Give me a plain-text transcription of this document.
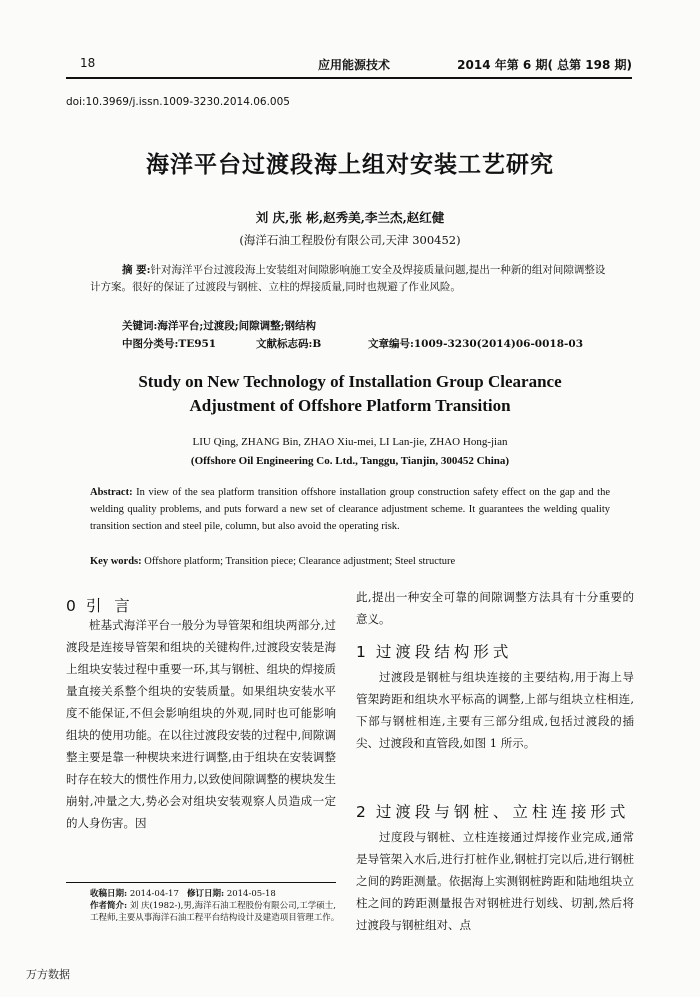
18	应用能源技术	2014 年第 6 期( 总第 198 期)
doi:10.3969/j.issn.1009-3230.2014.06.005
海洋平台过渡段海上组对安装工艺研究
刘 庆,张 彬,赵秀美,李兰杰,赵红健
(海洋石油工程股份有限公司,天津 300452)
摘 要:针对海洋平台过渡段海上安装组对间隙影响施工安全及焊接质量问题,提出一种新的组对间隙调整设计方案。很好的保证了过渡段与钢桩、立柱的焊接质量,同时也规避了作业风险。
关键词:海洋平台;过渡段;间隙调整;钢结构
中图分类号:TE951	文献标志码:B	文章编号:1009-3230(2014)06-0018-03
Study on New Technology of Installation Group Clearance
Adjustment of Offshore Platform Transition
LIU Qing, ZHANG Bin, ZHAO Xiu-mei, LI Lan-jie, ZHAO Hong-jian
(Offshore Oil Engineering Co. Ltd., Tanggu, Tianjin, 300452 China)
Abstract: In view of the sea platform transition offshore installation group construction safety effect on the gap and the welding quality problems, and puts forward a new set of clearance adjustment scheme. It guarantees the welding quality transition section and steel pile, column, but also avoid the operating risk.
Key words: Offshore platform; Transition piece; Clearance adjustment; Steel structure
0 引 言

桩基式海洋平台一般分为导管架和组块两部分,过渡段是连接导管架和组块的关键构件,过渡段安装是海上组块安装过程中重要一环,其与钢桩、组块的焊接质量直接关系整个组块的安装质量。如果组块安装水平度不能保证,不但会影响组块的外观,同时也可能影响组块的使用功能。在以往过渡段安装的过程中,间隙调整主要是靠一种楔块来进行调整,由于组块在安装调整时存在较大的惯性作用力,以致使间隙调整的楔块发生崩射,冲量之大,势必会对组块安装观察人员造成一定的人身伤害。因

此,提出一种安全可靠的间隙调整方法具有十分重要的意义。

1 过渡段结构形式

过渡段是钢桩与组块连接的主要结构,用于海上导管架跨距和组块水平标高的调整,上部与组块立柱相连,下部与钢桩相连,主要有三部分组成,包括过渡段的插尖、过渡段和直管段,如图 1 所示。

2 过渡段与钢桩、立柱连接形式

过度段与钢桩、立柱连接通过焊接作业完成,通常是导管架入水后,进行打桩作业,钢桩打完以后,进行钢桩之间的跨距测量。依据海上实测钢桩跨距和陆地组块立柱之间的跨距测量报告对钢桩进行划线、切割,然后将过渡段与钢桩组对、点

收稿日期: 2014-04-17 修订日期: 2014-05-18
作者简介: 刘 庆(1982-),男,海洋石油工程股份有限公司,工学硕士,工程师,主要从事海洋石油工程平台结构设计及建造项目管理工作。
万方数据
